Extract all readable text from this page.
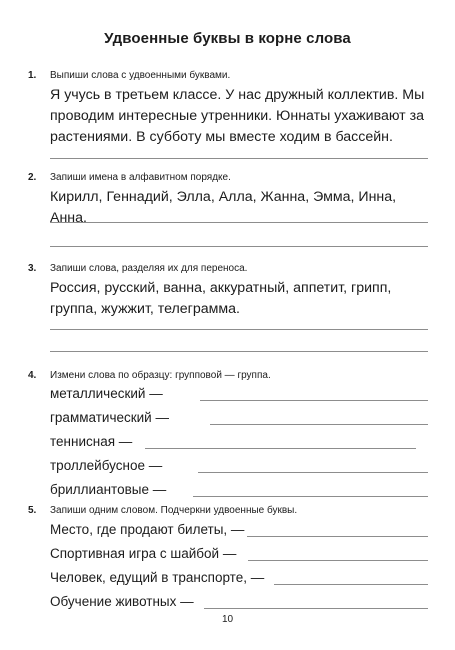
Удвоенные буквы в корне слова
1. Выпиши слова с удвоенными буквами.
Я учусь в третьем классе. У нас дружный коллектив. Мы проводим интересные утренники. Юннаты ухаживают за растениями. В субботу мы вместе ходим в бассейн.
2. Запиши имена в алфавитном порядке.
Кирилл, Геннадий, Элла, Алла, Жанна, Эмма, Инна, Анна.
3. Запиши слова, разделяя их для переноса.
Россия, русский, ванна, аккуратный, аппетит, грипп, группа, жужжит, телеграмма.
4. Измени слова по образцу: групповой — группа.
металлический —
грамматический —
теннисная —
троллейбусное —
бриллиантовые —
5. Запиши одним словом. Подчеркни удвоенные буквы.
Место, где продают билеты, —
Спортивная игра с шайбой —
Человек, едущий в транспорте, —
Обучение животных —
10
